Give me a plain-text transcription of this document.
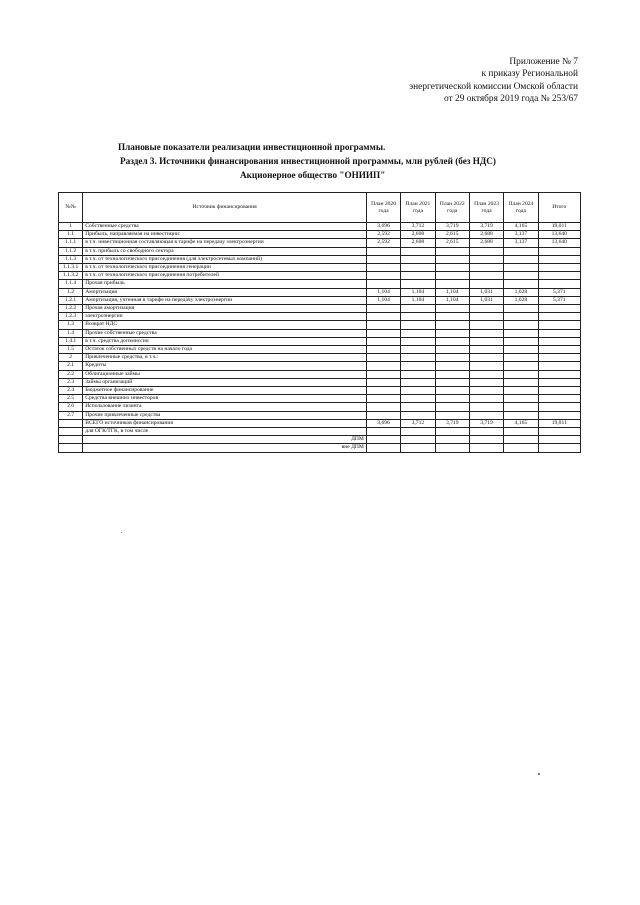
Приложение № 7
к приказу Региональной
энергетической комиссии Омской области
от 29 октября 2019 года № 253/67
Плановые показатели реализации инвестиционной программы.
Раздел 3. Источники финансирования инвестиционной программы, млн рублей (без НДС)
Акционерное общество "ОНИИП"
№№	Источник финансирования	План 2020 года	План 2021 года	План 2022 года	План 2023 года	План 2024 года	Итого
1	Собственные средства	3,696	3,712	3,719	3,719	4,165	19,011
1.1	Прибыль, направляемая на инвестиции:	2,592	2,608	2,615	2,688	3,137	13,640
1.1.1	в т.ч. инвестиционная составляющая в тарифе на передачу электроэнергии	2,592	2,608	2,615	2,688	3,137	13,640
1.1.2	в т.ч. прибыль со свободного сектора						
1.1.3	в т.ч. от технологического присоединения (для электросетевых компаний)						
1.1.3.1	в т.ч. от технологического присоединения генерации						
1.1.3.2	в т.ч. от технологического присоединения потребителей						
1.1.4	Прочая прибыль						
1.2	Амортизация	1,104	1,104	1,104	1,031	1,028	5,371
1.2.1	Амортизация, учтенная в тарифе на передачу электроэнергии	1,104	1,104	1,104	1,031	1,028	5,371
1.2.2	Прочая амортизация						
1.2.3	электроэнергии						
1.3	Возврат НДС						
1.4	Прочие собственные средства						
1.4.1	в т.ч. средства допэмиссии						
1.5	Остаток собственных средств на начало года						
2	Привлеченные средства, в т.ч.:						
2.1	Кредиты						
2.2	Облигационные займы						
2.3	Займы организаций						
2.4	Бюджетное финансирование						
2.5	Средства внешних инвесторов						
2.6	Использование лизинга						
2.7	Прочие привлеченные средства						
	ВСЕГО источников финансирования	3,696	3,712	3,719	3,719	4,165	19,011
	для ОГК/ТГК, в том числе						
	ДПМ						
	вне ДПМ						
